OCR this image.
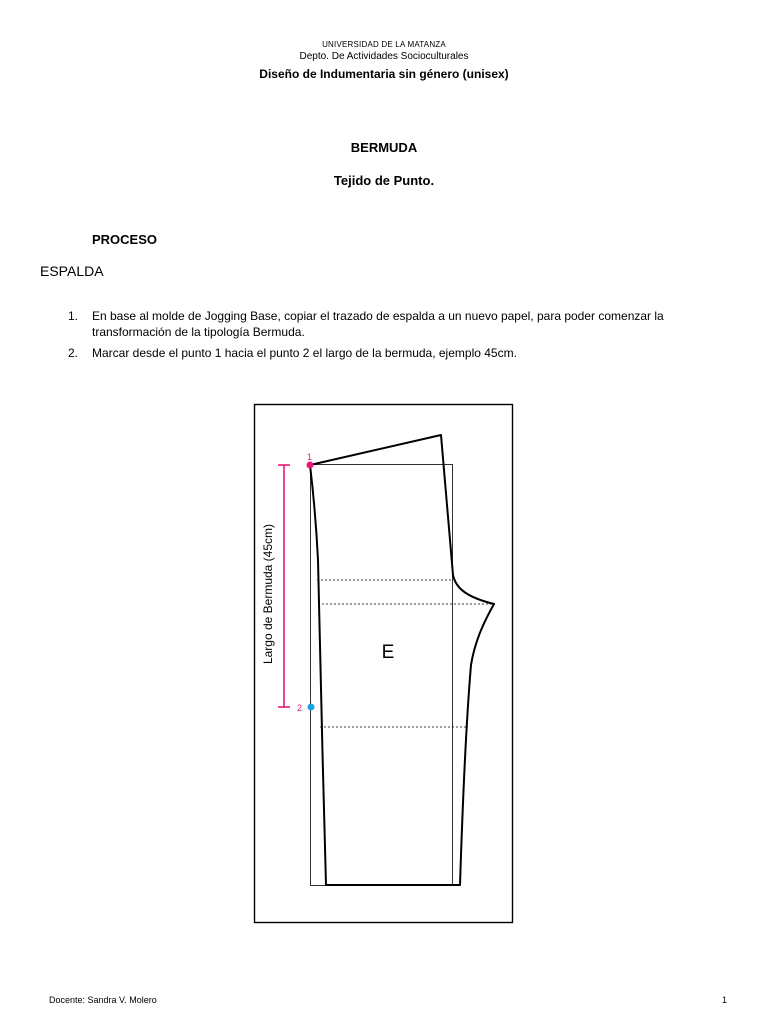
UNIVERSIDAD DE LA MATANZA
Depto. De Actividades Socioculturales
Diseño de Indumentaria sin género (unisex)
BERMUDA
Tejido de Punto.
PROCESO
ESPALDA
1. En base al molde de Jogging Base, copiar el trazado de espalda a un nuevo papel, para poder comenzar la transformación de la tipología Bermuda.
2. Marcar desde el punto 1 hacia el punto 2 el largo de la bermuda, ejemplo 45cm.
Largo de Bermuda (45cm)
1
2
E
Docente: Sandra V. Molero	1
